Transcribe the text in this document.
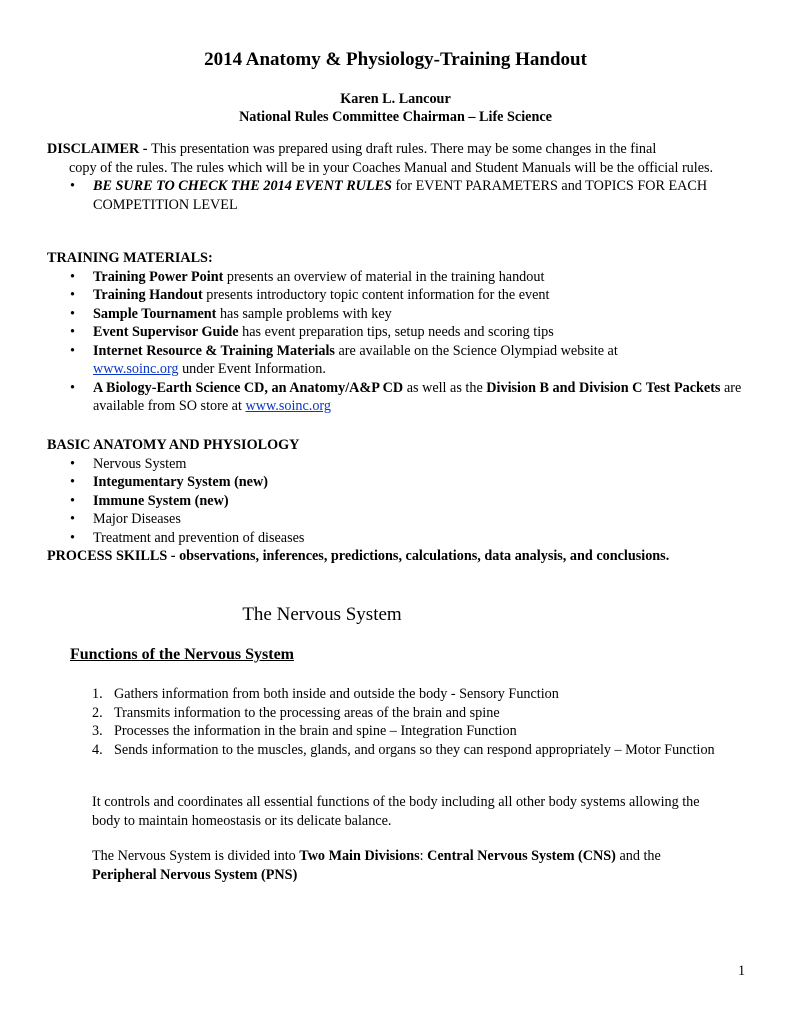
2014 Anatomy & Physiology-Training Handout
Karen L. Lancour
National Rules Committee Chairman – Life Science
DISCLAIMER - This presentation was prepared using draft rules. There may be some changes in the final
copy of the rules. The rules which will be in your Coaches Manual and Student Manuals will be the official rules.
• BE SURE TO CHECK THE 2014 EVENT RULES for EVENT PARAMETERS and TOPICS FOR EACH COMPETITION LEVEL
TRAINING MATERIALS:
• Training Power Point presents an overview of material in the training handout
• Training Handout presents introductory topic content information for the event
• Sample Tournament has sample problems with key
• Event Supervisor Guide has event preparation tips, setup needs and scoring tips
• Internet Resource & Training Materials are available on the Science Olympiad website at
www.soinc.org under Event Information.
• A Biology-Earth Science CD, an Anatomy/A&P CD as well as the Division B and Division C Test Packets are available from SO store at www.soinc.org
BASIC ANATOMY AND PHYSIOLOGY
• Nervous System
• Integumentary System (new)
• Immune System (new)
• Major Diseases
• Treatment and prevention of diseases
PROCESS SKILLS - observations, inferences, predictions, calculations, data analysis, and conclusions.
The Nervous System
Functions of the Nervous System
1. Gathers information from both inside and outside the body - Sensory Function
2. Transmits information to the processing areas of the brain and spine
3. Processes the information in the brain and spine – Integration Function
4. Sends information to the muscles, glands, and organs so they can respond appropriately – Motor Function
It controls and coordinates all essential functions of the body including all other body systems allowing the body to maintain homeostasis or its delicate balance.
The Nervous System is divided into Two Main Divisions: Central Nervous System (CNS) and the Peripheral Nervous System (PNS)
1
